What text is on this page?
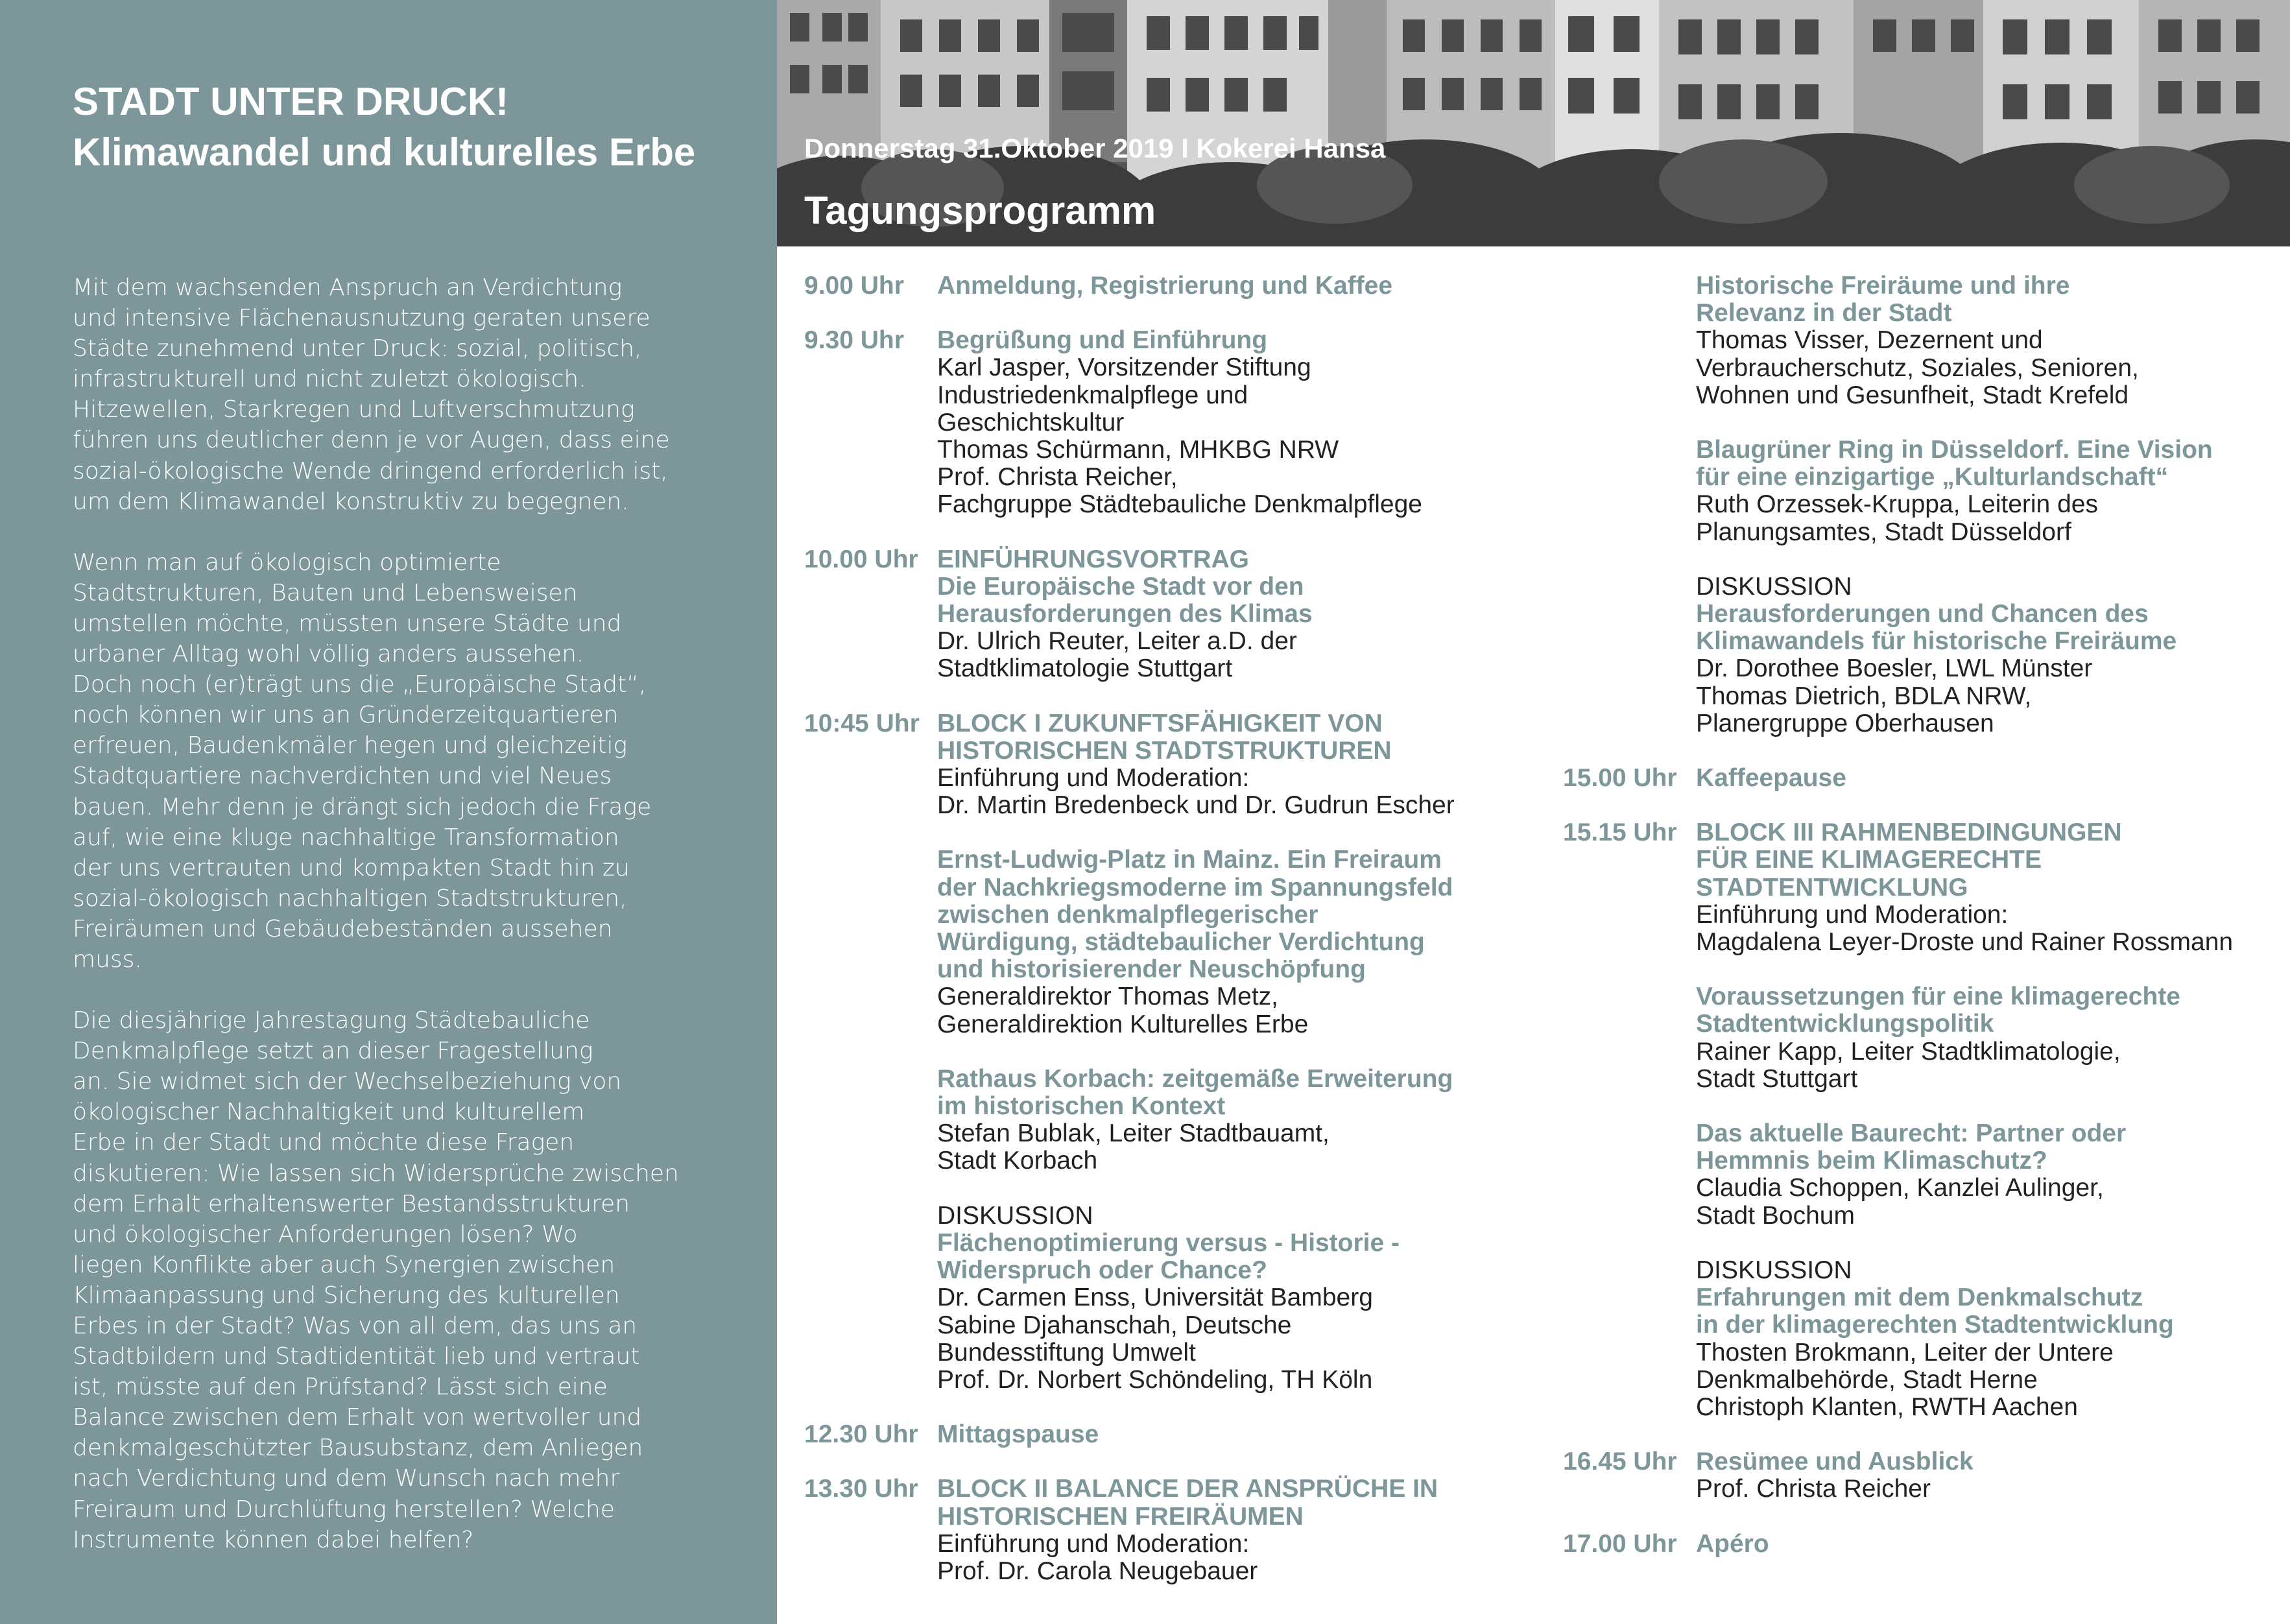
STADT UNTER DRUCK!
Klimawandel und kulturelles Erbe

Mit dem wachsenden Anspruch an Verdichtung
und intensive Flächenausnutzung geraten unsere
Städte zunehmend unter Druck: sozial, politisch,
infrastrukturell und nicht zuletzt ökologisch.
Hitzewellen, Starkregen und Luftverschmutzung
führen uns deutlicher denn je vor Augen, dass eine
sozial-ökologische Wende dringend erforderlich ist,
um dem Klimawandel konstruktiv zu begegnen.

Wenn man auf ökologisch optimierte
Stadtstrukturen, Bauten und Lebensweisen
umstellen möchte, müssten unsere Städte und
urbaner Alltag wohl völlig anders aussehen.
Doch noch (er)trägt uns die „Europäische Stadt“,
noch können wir uns an Gründerzeitquartieren
erfreuen, Baudenkmäler hegen und gleichzeitig
Stadtquartiere nachverdichten und viel Neues
bauen. Mehr denn je drängt sich jedoch die Frage
auf, wie eine kluge nachhaltige Transformation
der uns vertrauten und kompakten Stadt hin zu
sozial-ökologisch nachhaltigen Stadtstrukturen,
Freiräumen und Gebäudebeständen aussehen
muss.

Die diesjährige Jahrestagung Städtebauliche
Denkmalpflege setzt an dieser Fragestellung
an. Sie widmet sich der Wechselbeziehung von
ökologischer Nachhaltigkeit und kulturellem
Erbe in der Stadt und möchte diese Fragen
diskutieren: Wie lassen sich Widersprüche zwischen
dem Erhalt erhaltenswerter Bestandsstrukturen
und ökologischer Anforderungen lösen? Wo
liegen Konflikte aber auch Synergien zwischen
Klimaanpassung und Sicherung des kulturellen
Erbes in der Stadt? Was von all dem, das uns an
Stadtbildern und Stadtidentität lieb und vertraut
ist, müsste auf den Prüfstand? Lässt sich eine
Balance zwischen dem Erhalt von wertvoller und
denkmalgeschützter Bausubstanz, dem Anliegen
nach Verdichtung und dem Wunsch nach mehr
Freiraum und Durchlüftung herstellen? Welche
Instrumente können dabei helfen?

Donnerstag 31.Oktober 2019 I Kokerei Hansa
Tagungsprogramm
9.00 Uhr	Anmeldung, Registrierung und Kaffee
9.30 Uhr	Begrüßung und Einführung
Karl Jasper, Vorsitzender Stiftung
Industriedenkmalpflege und
Geschichtskultur
Thomas Schürmann, MHKBG NRW
Prof. Christa Reicher,
Fachgruppe Städtebauliche Denkmalpflege
10.00 Uhr EINFÜHRUNGSVORTRAG
Die Europäische Stadt vor den
Herausforderungen des Klimas
Dr. Ulrich Reuter, Leiter a.D. der
Stadtklimatologie Stuttgart
10:45 Uhr BLOCK I ZUKUNFTSFÄHIGKEIT VON
HISTORISCHEN STADTSTRUKTUREN
Einführung und Moderation:
Dr. Martin Bredenbeck und Dr. Gudrun Escher
Ernst-Ludwig-Platz in Mainz. Ein Freiraum
der Nachkriegsmoderne im Spannungsfeld
zwischen denkmalpflegerischer
Würdigung, städtebaulicher Verdichtung
und historisierender Neuschöpfung
Generaldirektor Thomas Metz,
Generaldirektion Kulturelles Erbe
Rathaus Korbach: zeitgemäße Erweiterung
im historischen Kontext
Stefan Bublak, Leiter Stadtbauamt,
Stadt Korbach
DISKUSSION
Flächenoptimierung versus - Historie -
Widerspruch oder Chance?
Dr. Carmen Enss, Universität Bamberg
Sabine Djahanschah, Deutsche
Bundesstiftung Umwelt
Prof. Dr. Norbert Schöndeling, TH Köln
12.30 Uhr Mittagspause
13.30 Uhr BLOCK II BALANCE DER ANSPRÜCHE IN
HISTORISCHEN FREIRÄUMEN
Einführung und Moderation:
Prof. Dr. Carola Neugebauer
Historische Freiräume und ihre
Relevanz in der Stadt
Thomas Visser, Dezernent und
Verbraucherschutz, Soziales, Senioren,
Wohnen und Gesunfheit, Stadt Krefeld
Blaugrüner Ring in Düsseldorf. Eine Vision
für eine einzigartige „Kulturlandschaft“
Ruth Orzessek-Kruppa, Leiterin des
Planungsamtes, Stadt Düsseldorf
DISKUSSION
Herausforderungen und Chancen des
Klimawandels für historische Freiräume
Dr. Dorothee Boesler, LWL Münster
Thomas Dietrich, BDLA NRW,
Planergruppe Oberhausen
15.00 Uhr Kaffeepause
15.15 Uhr BLOCK III RAHMENBEDINGUNGEN
FÜR EINE KLIMAGERECHTE
STADTENTWICKLUNG
Einführung und Moderation:
Magdalena Leyer-Droste und Rainer Rossmann
Voraussetzungen für eine klimagerechte
Stadtentwicklungspolitik
Rainer Kapp, Leiter Stadtklimatologie,
Stadt Stuttgart
Das aktuelle Baurecht: Partner oder
Hemmnis beim Klimaschutz?
Claudia Schoppen, Kanzlei Aulinger,
Stadt Bochum
DISKUSSION
Erfahrungen mit dem Denkmalschutz
in der klimagerechten Stadtentwicklung
Thosten Brokmann, Leiter der Untere
Denkmalbehörde, Stadt Herne
Christoph Klanten, RWTH Aachen
16.45 Uhr Resümee und Ausblick
Prof. Christa Reicher
17.00 Uhr Apéro
